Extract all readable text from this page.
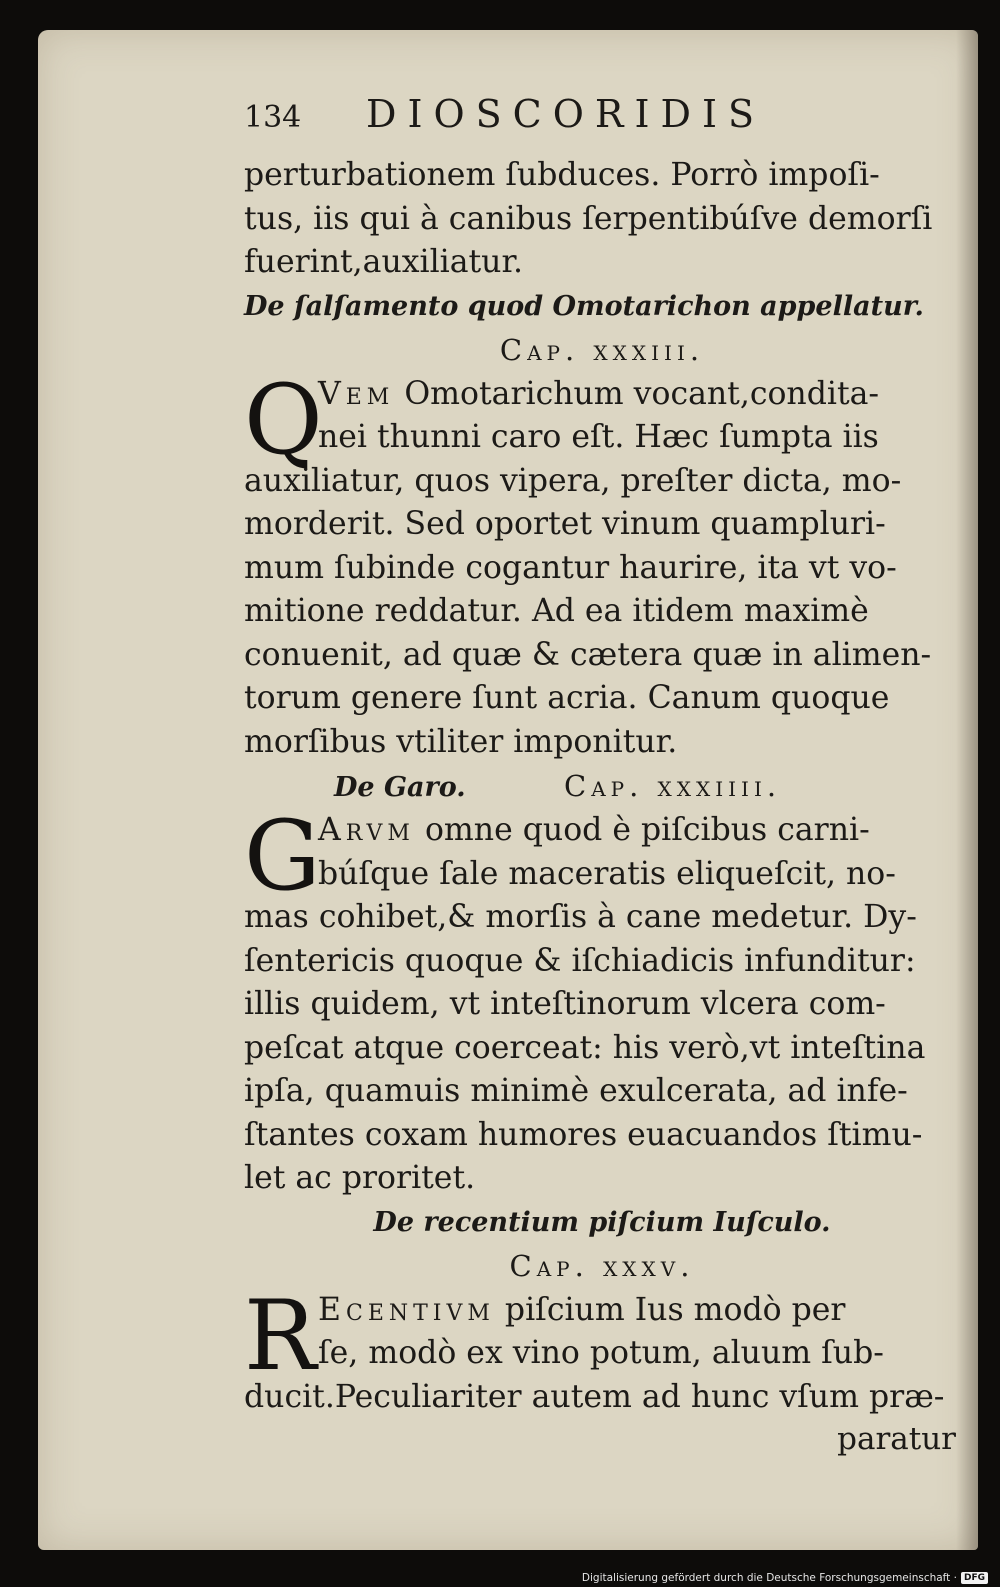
134	DIOSCORIDIS
perturbationem ſubduces. Porrò impoſi-
tus, iis qui à canibus ſerpentibúſve demorſi
fuerint,auxiliatur.
De ſalſamento quod Omotarichon appellatur.
Cap. xxxiii.
Q
Vem Omotarichum vocant,condita-
nei thunni caro eſt. Hæc ſumpta iis
auxiliatur, quos vipera, preſter dicta, mo-
morderit. Sed oportet vinum quampluri-
mum ſubinde cogantur haurire, ita vt vo-
mitione reddatur. Ad ea itidem maximè
conuenit, ad quæ & cætera quæ in alimen-
torum genere ſunt acria. Canum quoque
morſibus vtiliter imponitur.
De Garo.	Cap. xxxiiii.
G
Arvm omne quod è piſcibus carni-
búſque ſale maceratis eliqueſcit, no-
mas cohibet,& morſis à cane medetur. Dy-
ſentericis quoque & iſchiadicis infunditur:
illis quidem, vt inteſtinorum vlcera com-
peſcat atque coerceat: his verò,vt inteſtina
ipſa, quamuis minimè exulcerata, ad infe-
ſtantes coxam humores euacuandos ſtimu-
let ac proritet.
De recentium piſcium Iuſculo.
Cap. xxxv.
R Ecentivm piſcium Ius modò per
ſe, modò ex vino potum, aluum ſub-
ducit.Peculiariter autem ad hunc vſum præ-
paratur
Digitalisierung gefördert durch die Deutsche Forschungsgemeinschaft · DFG
